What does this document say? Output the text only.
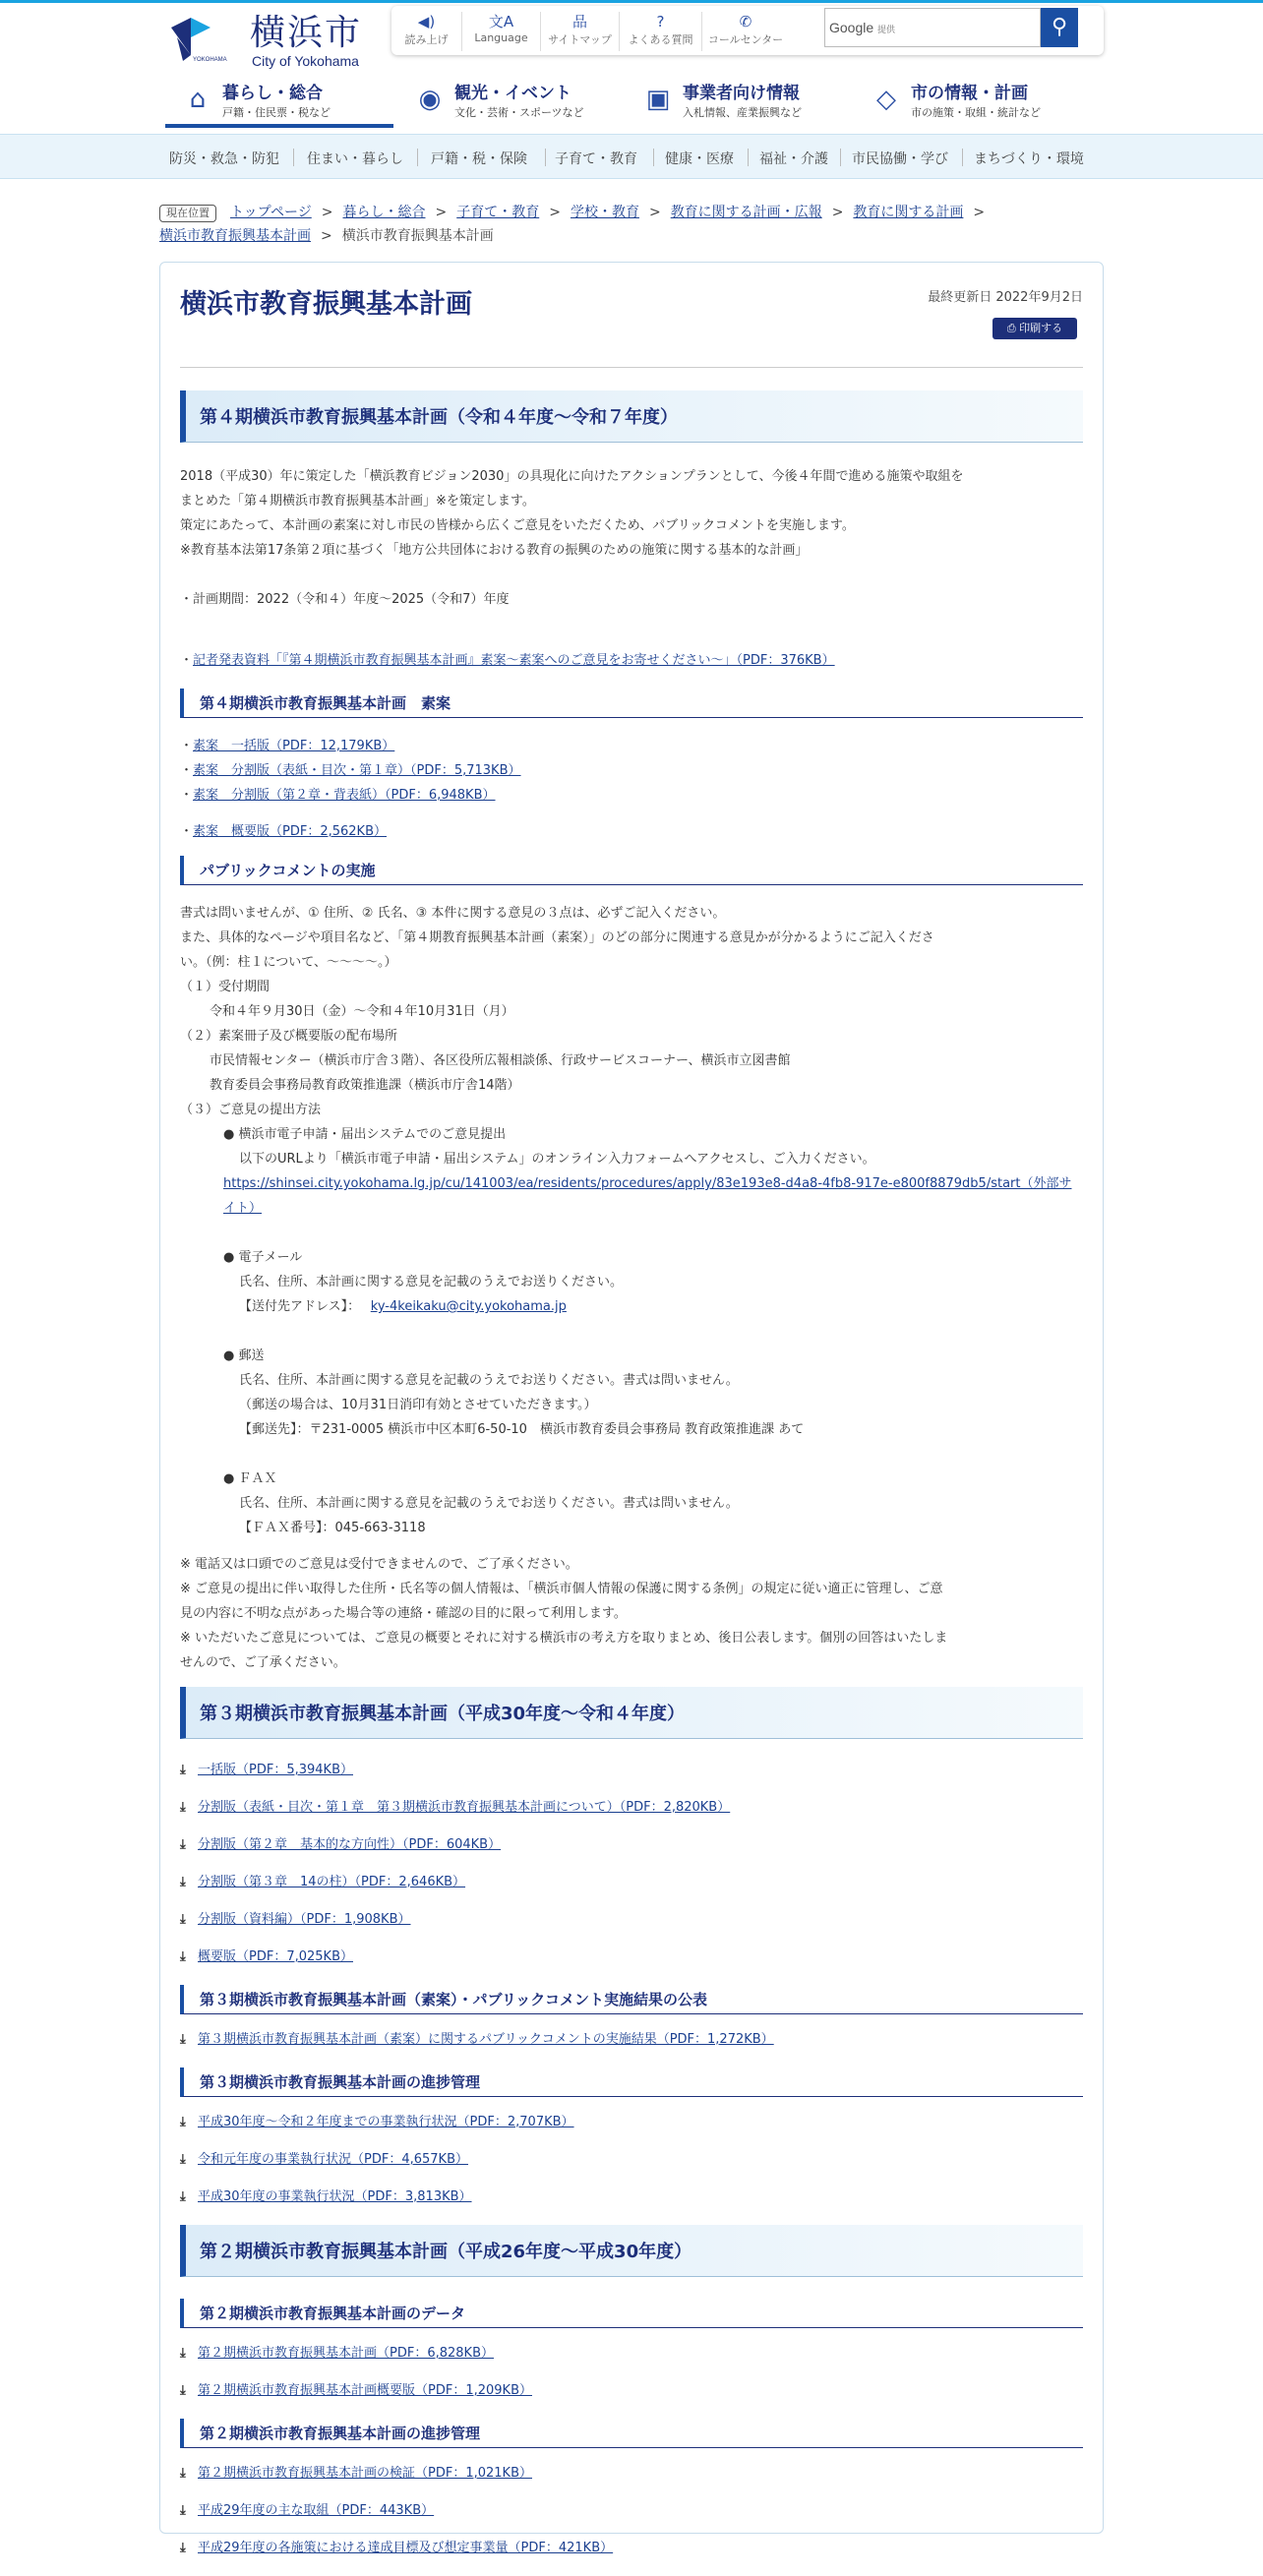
YOKOHAMA
横浜市
City of Yokohama
◀)
読み上げ
文A
Language
品
サイトマップ
?
よくある質問
✆
コールセンター
Google 提供	⚲
⌂ 暮らし・総合
戸籍・住民票・税など	◉ 観光・イベント
文化・芸術・スポーツなど ▣ 事業者向け情報
入札情報、産業振興など	◇ 市の情報・計画
市の施策・取組・統計など
防災・救急・防犯 住まい・暮らし 戸籍・税・保険 子育て・教育 健康・医療 福祉・介護 市民協働・学び まちづくり・環境
現在位置 トップページ > 暮らし・総合 > 子育て・教育 > 学校・教育 > 教育に関する計画・広報 > 教育に関する計画 >
横浜市教育振興基本計画 > 横浜市教育振興基本計画
横浜市教育振興基本計画	最終更新日 2022年9月2日
⎙ 印刷する
第４期横浜市教育振興基本計画（令和４年度～令和７年度）

2018（平成30）年に策定した「横浜教育ビジョン2030」の具現化に向けたアクションプランとして、今後４年間で進める施策や取組を

まとめた「第４期横浜市教育振興基本計画」※を策定します。

策定にあたって、本計画の素案に対し市民の皆様から広くご意見をいただくため、パブリックコメントを実施します。

※教育基本法第17条第２項に基づく「地方公共団体における教育の振興のための施策に関する基本的な計画」

・計画期間：2022（令和４）年度～2025（令和7）年度

・記者発表資料「『第４期横浜市教育振興基本計画』素案～素案へのご意見をお寄せください～」（PDF：376KB）

第４期横浜市教育振興基本計画　素案

・素案　一括版（PDF：12,179KB）

・素案　分割版（表紙・目次・第１章）（PDF：5,713KB）

・素案　分割版（第２章・背表紙）（PDF：6,948KB）

・素案　概要版（PDF：2,562KB）

パブリックコメントの実施

書式は問いませんが、① 住所、② 氏名、③ 本件に関する意見の３点は、必ずご記入ください。

また、具体的なページや項目名など、「第４期教育振興基本計画（素案）」のどの部分に関連する意見かが分かるようにご記入くださ

い。（例：柱１について、～～～～。）

（１）受付期間

令和４年９月30日（金）～令和４年10月31日（月）

（２）素案冊子及び概要版の配布場所

市民情報センター（横浜市庁舎３階）、各区役所広報相談係、行政サービスコーナー、横浜市立図書館

教育委員会事務局教育政策推進課（横浜市庁舎14階）

（３）ご意見の提出方法

● 横浜市電子申請・届出システムでのご意見提出

以下のURLより「横浜市電子申請・届出システム」のオンライン入力フォームへアクセスし、ご入力ください。

https://shinsei.city.yokohama.lg.jp/cu/141003/ea/residents/procedures/apply/83e193e8-d4a8-4fb8-917e-e800f8879db5/start（外部サイト）

● 電子メール

氏名、住所、本計画に関する意見を記載のうえでお送りください。

【送付先アドレス】：　 ky-4keikaku@city.yokohama.jp

● 郵送

氏名、住所、本計画に関する意見を記載のうえでお送りください。書式は問いません。

（郵送の場合は、10月31日消印有効とさせていただきます。）

【郵送先】：〒231-0005 横浜市中区本町6-50-10　横浜市教育委員会事務局 教育政策推進課 あて

● ＦＡＸ

氏名、住所、本計画に関する意見を記載のうえでお送りください。書式は問いません。

【ＦＡＸ番号】：045-663-3118

※ 電話又は口頭でのご意見は受付できませんので、ご了承ください。

※ ご意見の提出に伴い取得した住所・氏名等の個人情報は、「横浜市個人情報の保護に関する条例」の規定に従い適正に管理し、ご意

見の内容に不明な点があった場合等の連絡・確認の目的に限って利用します。

※ いただいたご意見については、ご意見の概要とそれに対する横浜市の考え方を取りまとめ、後日公表します。個別の回答はいたしま

せんので、ご了承ください。

第３期横浜市教育振興基本計画（平成30年度～令和４年度）
⤓ 一括版（PDF：5,394KB）
⤓ 分割版（表紙・目次・第１章　第３期横浜市教育振興基本計画について）（PDF：2,820KB）
⤓ 分割版（第２章　基本的な方向性）（PDF：604KB）
⤓ 分割版（第３章　14の柱）（PDF：2,646KB）
⤓ 分割版（資料編）（PDF：1,908KB）
⤓ 概要版（PDF：7,025KB）
第３期横浜市教育振興基本計画（素案）・パブリックコメント実施結果の公表
⤓ 第３期横浜市教育振興基本計画（素案）に関するパブリックコメントの実施結果（PDF：1,272KB）
第３期横浜市教育振興基本計画の進捗管理
⤓ 平成30年度～令和２年度までの事業執行状況（PDF：2,707KB）
⤓ 令和元年度の事業執行状況（PDF：4,657KB）
⤓ 平成30年度の事業執行状況（PDF：3,813KB）
第２期横浜市教育振興基本計画（平成26年度～平成30年度）
第２期横浜市教育振興基本計画のデータ
⤓ 第２期横浜市教育振興基本計画（PDF：6,828KB）
⤓ 第２期横浜市教育振興基本計画概要版（PDF：1,209KB）
第２期横浜市教育振興基本計画の進捗管理
⤓ 第２期横浜市教育振興基本計画の検証（PDF：1,021KB）
⤓ 平成29年度の主な取組（PDF：443KB）
⤓ 平成29年度の各施策における達成目標及び想定事業量（PDF：421KB）
